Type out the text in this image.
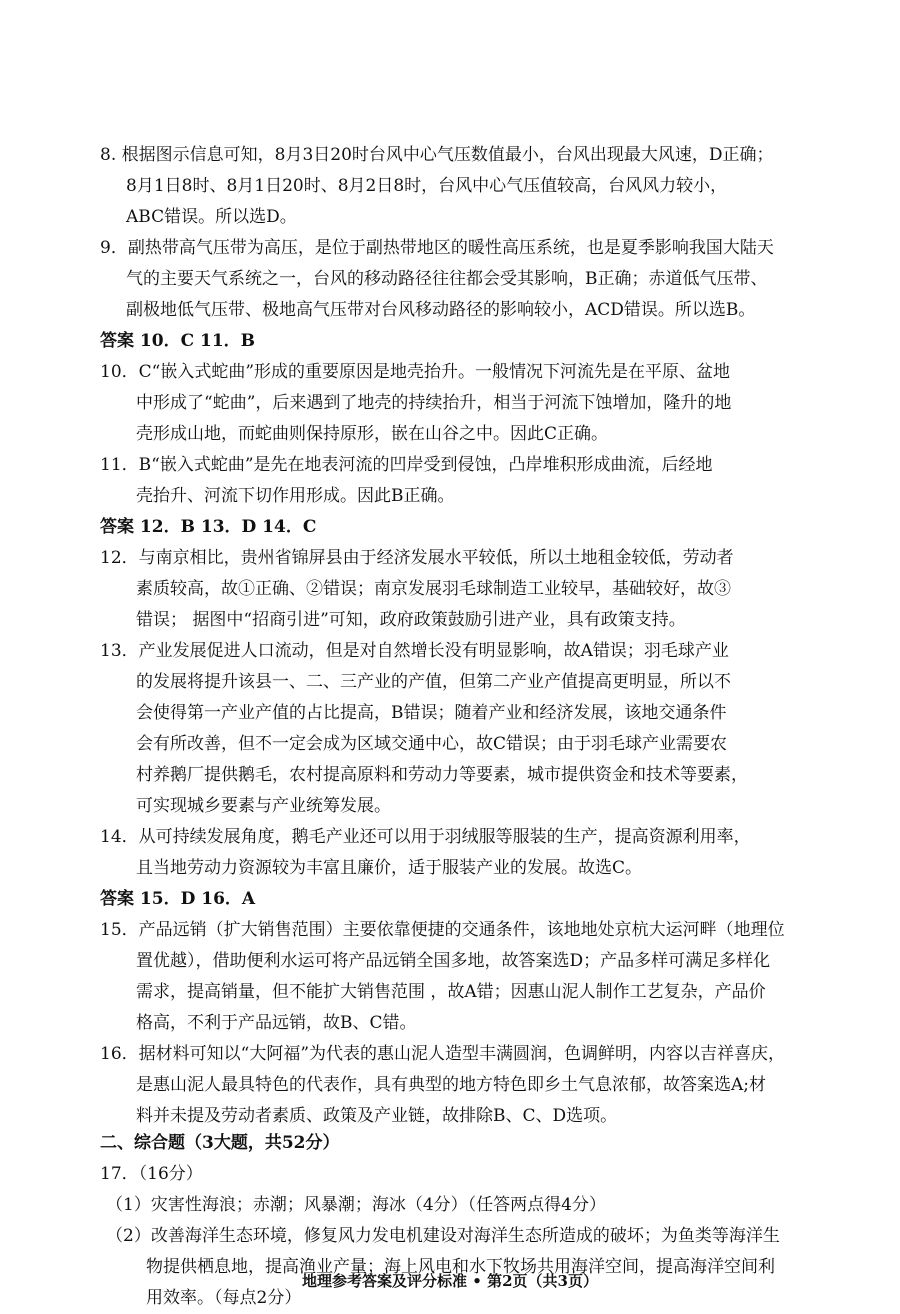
8. 根据图示信息可知，8月3日20时台风中心气压数值最小，台风出现最大风速，D正确；
8月1日8时、8月1日20时、8月2日8时，台风中心气压值较高，台风风力较小，
ABC错误。所以选D。

9．副热带高气压带为高压，是位于副热带地区的暖性高压系统，也是夏季影响我国大陆天
气的主要天气系统之一，台风的移动路径往往都会受其影响，B正确；赤道低气压带、
副极地低气压带、极地高气压带对台风移动路径的影响较小，ACD错误。所以选B。

答案 10．C 11．B

10．C“嵌入式蛇曲”形成的重要原因是地壳抬升。一般情况下河流先是在平原、盆地
中形成了“蛇曲”，后来遇到了地壳的持续抬升，相当于河流下蚀增加，隆升的地
壳形成山地，而蛇曲则保持原形，嵌在山谷之中。因此C正确。

11．B“嵌入式蛇曲”是先在地表河流的凹岸受到侵蚀，凸岸堆积形成曲流，后经地
壳抬升、河流下切作用形成。因此B正确。

答案 12．B 13．D 14．C

12．与南京相比，贵州省锦屏县由于经济发展水平较低，所以土地租金较低，劳动者
素质较高，故①正确、②错误；南京发展羽毛球制造工业较早，基础较好，故③
错误； 据图中“招商引进”可知，政府政策鼓励引进产业，具有政策支持。

13．产业发展促进人口流动，但是对自然增长没有明显影响，故A错误；羽毛球产业
的发展将提升该县一、二、三产业的产值，但第二产业产值提高更明显，所以不
会使得第一产业产值的占比提高，B错误；随着产业和经济发展，该地交通条件
会有所改善，但不一定会成为区域交通中心，故C错误；由于羽毛球产业需要农
村养鹅厂提供鹅毛，农村提高原料和劳动力等要素，城市提供资金和技术等要素，
可实现城乡要素与产业统筹发展。

14．从可持续发展角度，鹅毛产业还可以用于羽绒服等服装的生产，提高资源利用率，
且当地劳动力资源较为丰富且廉价，适于服装产业的发展。故选C。

答案 15．D 16．A

15．产品远销（扩大销售范围）主要依靠便捷的交通条件，该地地处京杭大运河畔（地理位
置优越），借助便利水运可将产品远销全国多地，故答案选D；产品多样可满足多样化
需求，提高销量，但不能扩大销售范围 ，故A错；因惠山泥人制作工艺复杂，产品价
格高，不利于产品远销，故B、C错。

16．据材料可知以“大阿福”为代表的惠山泥人造型丰满圆润，色调鲜明，内容以吉祥喜庆，
是惠山泥人最具特色的代表作，具有典型的地方特色即乡土气息浓郁，故答案选A;材
料并未提及劳动者素质、政策及产业链，故排除B、C、D选项。

二、综合题（3大题，共52分）

17．（16分）

（1）灾害性海浪；赤潮；风暴潮；海冰（4分）（任答两点得4分）

（2）改善海洋生态环境，修复风力发电机建设对海洋生态所造成的破坏；为鱼类等海洋生
物提供栖息地，提高渔业产量；海上风电和水下牧场共用海洋空间，提高海洋空间利
用效率。（每点2分）

地理参考答案及评分标准 • 第2页（共3页）
